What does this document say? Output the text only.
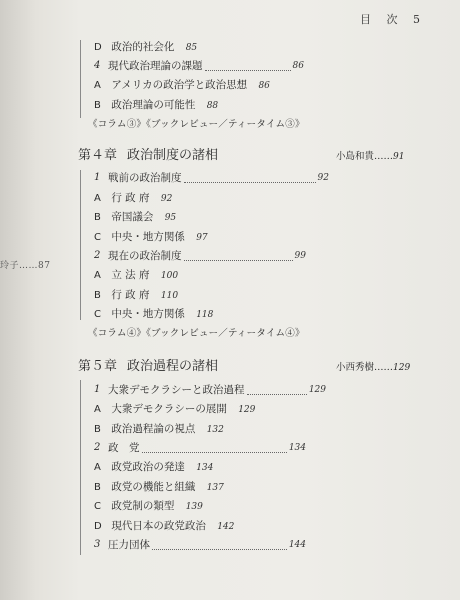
目 次 5
玲子……87
D 政治的社会化 85
4 現代政治理論の課題	86
A アメリカの政治学と政治思想 86
B 政治理論の可能性 88
《コラム③》《ブックレビュー／ティータイム③》
第４章 政治制度の諸相	小島和貴……91
1 戦前の政治制度	92
A 行 政 府 92
B 帝国議会 95
C 中央・地方関係 97
2 現在の政治制度	99
A 立 法 府 100
B 行 政 府 110
C 中央・地方関係 118
《コラム④》《ブックレビュー／ティータイム④》
第５章 政治過程の諸相	小西秀樹……129
1 大衆デモクラシーと政治過程	129
A 大衆デモクラシーの展開 129
B 政治過程論の視点 132
2 政　党	134
A 政党政治の発達 134
B 政党の機能と組織 137
C 政党制の類型 139
D 現代日本の政党政治 142
3 圧力団体	144
